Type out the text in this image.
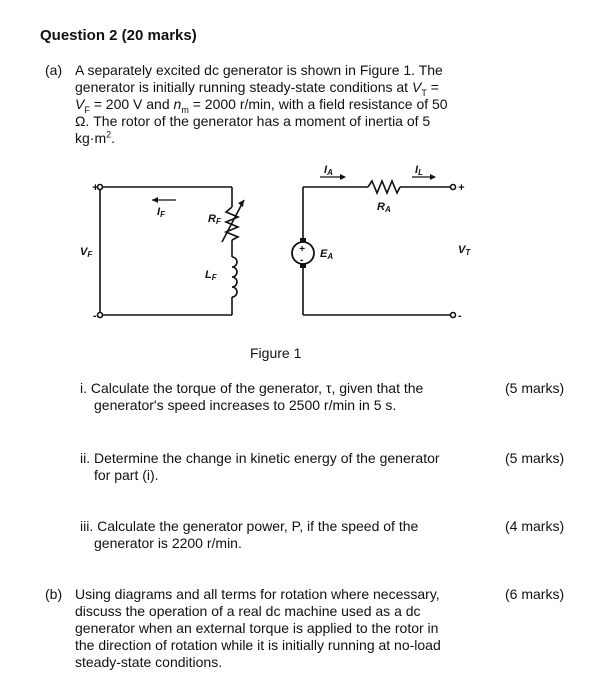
Question 2 (20 marks)
(a) A separately excited dc generator is shown in Figure 1. The
generator is initially running steady-state conditions at $V_T$ =
$V_F = 200$ V and $n_m = 2000$ r/min, with a field resistance of 50
Ω. The rotor of the generator has a moment of inertia of 5
$kg\cdot m^2$.
IF	RF
LF
VF
IA	IL
RA
EA
VT
+
-
+
-
+
-
Figure 1
i. Calculate the torque of the generator, τ, given that the
generator's speed increases to 2500 r/min in 5 s.
(5 marks)
ii. Determine the change in kinetic energy of the generator
for part (i).
(5 marks)
iii. Calculate the generator power, P, if the speed of the
generator is 2200 r/min.
(4 marks)
(b) Using diagrams and all terms for rotation where necessary,
discuss the operation of a real dc machine used as a dc
generator when an external torque is applied to the rotor in
the direction of rotation while it is initially running at no-load
steady-state conditions.
(6 marks)
